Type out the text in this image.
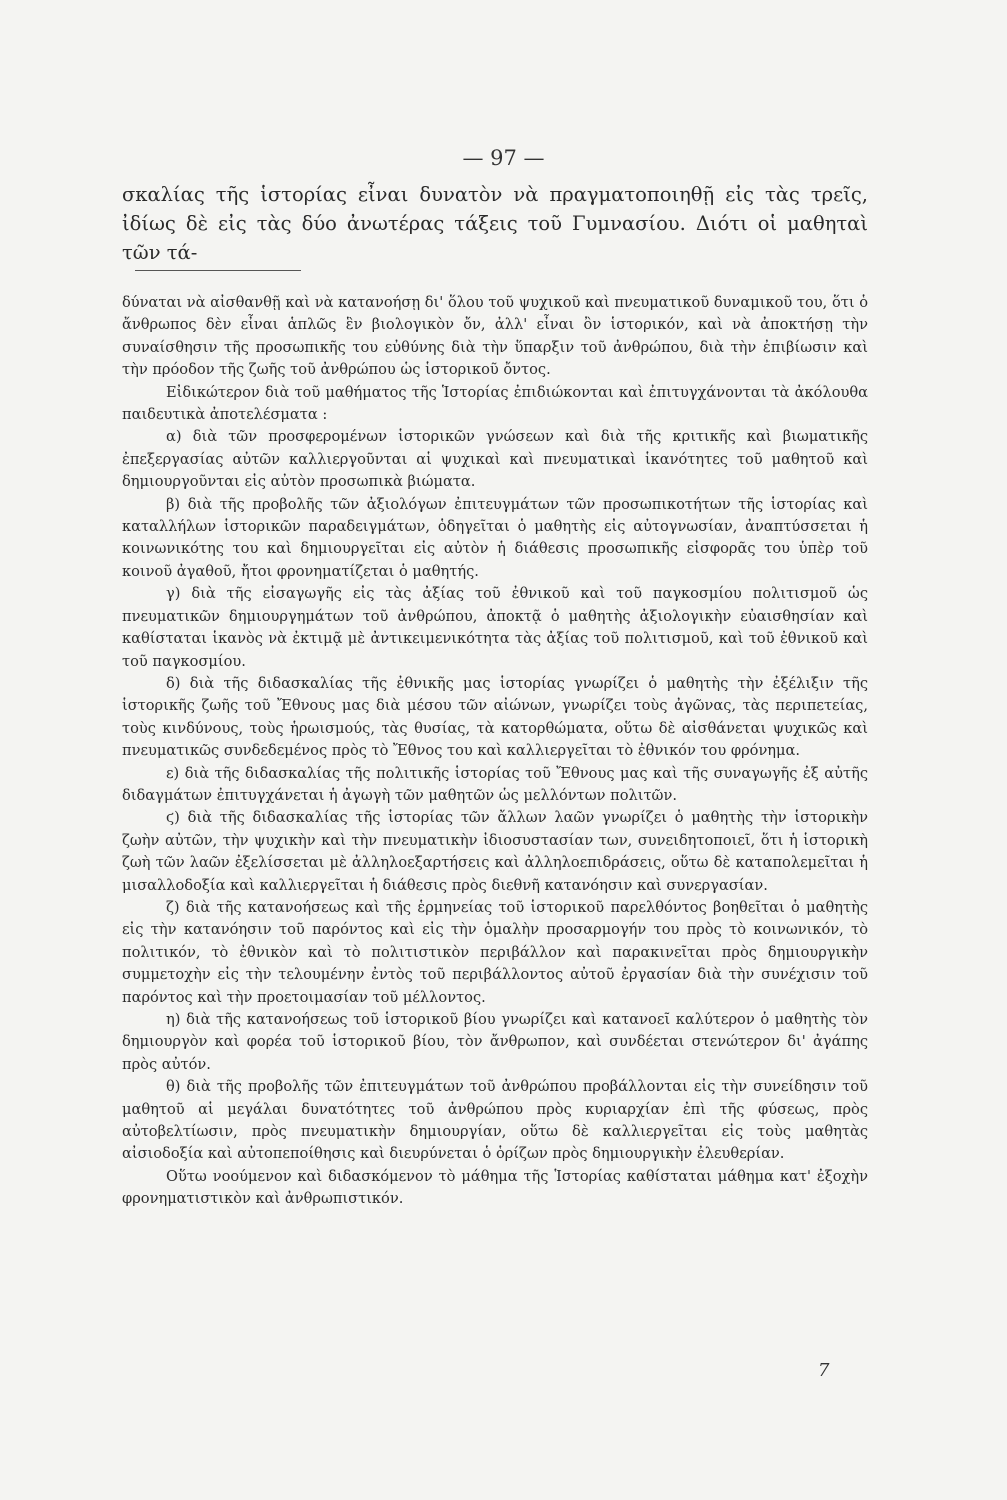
— 97 —

σκαλίας τῆς ἱστορίας εἶναι δυνατὸν νὰ πραγματοποιηθῇ εἰς τὰς τρεῖς, ἰδίως δὲ εἰς τὰς δύο ἀνωτέρας τάξεις τοῦ Γυμνασίου. Διότι οἱ μαθηταὶ τῶν τά-

δύναται νὰ αἰσθανθῇ καὶ νὰ κατανοήσῃ δι' ὅλου τοῦ ψυχικοῦ καὶ πνευματικοῦ δυναμικοῦ του, ὅτι ὁ ἄνθρωπος δὲν εἶναι ἁπλῶς ἓν βιολογικὸν ὄν, ἀλλ' εἶναι ὂν ἱστορικόν, καὶ νὰ ἀποκτήσῃ τὴν συναίσθησιν τῆς προσωπικῆς του εὐθύνης διὰ τὴν ὕπαρξιν τοῦ ἀνθρώπου, διὰ τὴν ἐπιβίωσιν καὶ τὴν πρόοδον τῆς ζωῆς τοῦ ἀνθρώπου ὡς ἱστορικοῦ ὄντος.

Εἰδικώτερον διὰ τοῦ μαθήματος τῆς Ἱστορίας ἐπιδιώκονται καὶ ἐπιτυγχάνονται τὰ ἀκόλουθα παιδευτικὰ ἀποτελέσματα :

α) διὰ τῶν προσφερομένων ἱστορικῶν γνώσεων καὶ διὰ τῆς κριτικῆς καὶ βιωματικῆς ἐπεξεργασίας αὐτῶν καλλιεργοῦνται αἱ ψυχικαὶ καὶ πνευματικαὶ ἱκανότητες τοῦ μαθητοῦ καὶ δημιουργοῦνται εἰς αὐτὸν προσωπικὰ βιώματα.

β) διὰ τῆς προβολῆς τῶν ἀξιολόγων ἐπιτευγμάτων τῶν προσωπικοτήτων τῆς ἱστορίας καὶ καταλλήλων ἱστορικῶν παραδειγμάτων, ὁδηγεῖται ὁ μαθητὴς εἰς αὐτογνωσίαν, ἀναπτύσσεται ἡ κοινωνικότης του καὶ δημιουργεῖται εἰς αὐτὸν ἡ διάθεσις προσωπικῆς εἰσφορᾶς του ὑπὲρ τοῦ κοινοῦ ἀγαθοῦ, ἤτοι φρονηματίζεται ὁ μαθητής.

γ) διὰ τῆς εἰσαγωγῆς εἰς τὰς ἀξίας τοῦ ἐθνικοῦ καὶ τοῦ παγκοσμίου πολιτισμοῦ ὡς πνευματικῶν δημιουργημάτων τοῦ ἀνθρώπου, ἀποκτᾷ ὁ μαθητὴς ἀξιολογικὴν εὐαισθησίαν καὶ καθίσταται ἱκανὸς νὰ ἐκτιμᾷ μὲ ἀντικειμενικότητα τὰς ἀξίας τοῦ πολιτισμοῦ, καὶ τοῦ ἐθνικοῦ καὶ τοῦ παγκοσμίου.

δ) διὰ τῆς διδασκαλίας τῆς ἐθνικῆς μας ἱστορίας γνωρίζει ὁ μαθητὴς τὴν ἐξέλιξιν τῆς ἱστορικῆς ζωῆς τοῦ Ἔθνους μας διὰ μέσου τῶν αἰώνων, γνωρίζει τοὺς ἀγῶνας, τὰς περιπετείας, τοὺς κινδύνους, τοὺς ἡρωισμούς, τὰς θυσίας, τὰ κατορθώματα, οὕτω δὲ αἰσθάνεται ψυχικῶς καὶ πνευματικῶς συνδεδεμένος πρὸς τὸ Ἔθνος του καὶ καλλιεργεῖται τὸ ἐθνικόν του φρόνημα.

ε) διὰ τῆς διδασκαλίας τῆς πολιτικῆς ἱστορίας τοῦ Ἔθνους μας καὶ τῆς συναγωγῆς ἐξ αὐτῆς διδαγμάτων ἐπιτυγχάνεται ἡ ἀγωγὴ τῶν μαθητῶν ὡς μελλόντων πολιτῶν.

ϛ) διὰ τῆς διδασκαλίας τῆς ἱστορίας τῶν ἄλλων λαῶν γνωρίζει ὁ μαθητὴς τὴν ἱστορικὴν ζωὴν αὐτῶν, τὴν ψυχικὴν καὶ τὴν πνευματικὴν ἰδιοσυστασίαν των, συνειδητοποιεῖ, ὅτι ἡ ἱστορικὴ ζωὴ τῶν λαῶν ἐξελίσσεται μὲ ἀλληλοεξαρτήσεις καὶ ἀλληλοεπιδράσεις, οὕτω δὲ καταπολεμεῖται ἡ μισαλλοδοξία καὶ καλλιεργεῖται ἡ διάθεσις πρὸς διεθνῆ κατανόησιν καὶ συνεργασίαν.

ζ) διὰ τῆς κατανοήσεως καὶ τῆς ἑρμηνείας τοῦ ἱστορικοῦ παρελθόντος βοηθεῖται ὁ μαθητὴς εἰς τὴν κατανόησιν τοῦ παρόντος καὶ εἰς τὴν ὁμαλὴν προσαρμογήν του πρὸς τὸ κοινωνικόν, τὸ πολιτικόν, τὸ ἐθνικὸν καὶ τὸ πολιτιστικὸν περιβάλλον καὶ παρακινεῖται πρὸς δημιουργικὴν συμμετοχὴν εἰς τὴν τελουμένην ἐντὸς τοῦ περιβάλλοντος αὐτοῦ ἐργασίαν διὰ τὴν συνέχισιν τοῦ παρόντος καὶ τὴν προετοιμασίαν τοῦ μέλλοντος.

η) διὰ τῆς κατανοήσεως τοῦ ἱστορικοῦ βίου γνωρίζει καὶ κατανοεῖ καλύτερον ὁ μαθητὴς τὸν δημιουργὸν καὶ φορέα τοῦ ἱστορικοῦ βίου, τὸν ἄνθρωπον, καὶ συνδέεται στενώτερον δι' ἀγάπης πρὸς αὐτόν.

θ) διὰ τῆς προβολῆς τῶν ἐπιτευγμάτων τοῦ ἀνθρώπου προβάλλονται εἰς τὴν συνείδησιν τοῦ μαθητοῦ αἱ μεγάλαι δυνατότητες τοῦ ἀνθρώπου πρὸς κυριαρχίαν ἐπὶ τῆς φύσεως, πρὸς αὐτοβελτίωσιν, πρὸς πνευματικὴν δημιουργίαν, οὕτω δὲ καλλιεργεῖται εἰς τοὺς μαθητὰς αἰσιοδοξία καὶ αὐτοπεποίθησις καὶ διευρύνεται ὁ ὁρίζων πρὸς δημιουργικὴν ἐλευθερίαν.

Οὕτω νοούμενον καὶ διδασκόμενον τὸ μάθημα τῆς Ἱστορίας καθίσταται μάθημα κατ' ἐξοχὴν φρονηματιστικὸν καὶ ἀνθρωπιστικόν.

7
